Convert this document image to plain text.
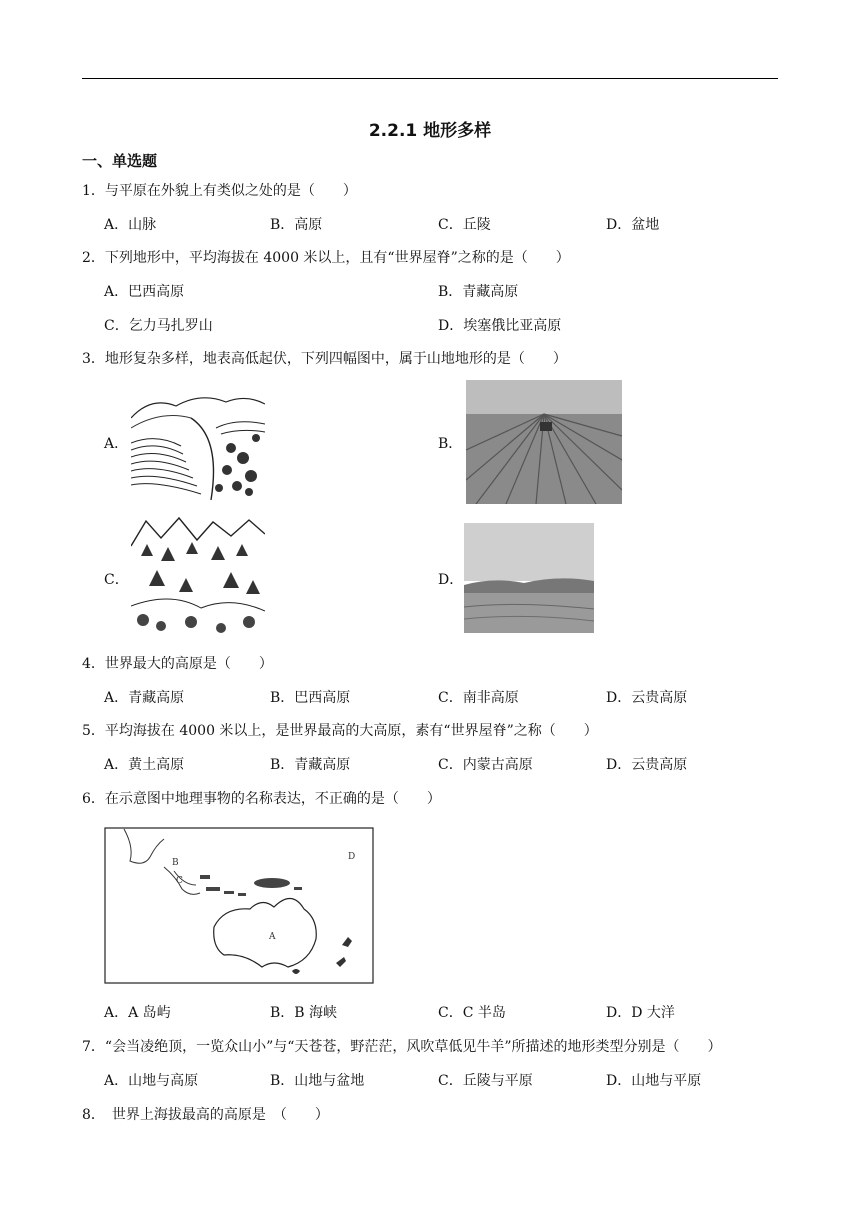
2.2.1 地形多样
一、单选题
1．与平原在外貌上有类似之处的是（　　）
A．山脉	B．高原	C．丘陵	D．盆地
2．下列地形中，平均海拔在 4000 米以上，且有“世界屋脊”之称的是（　　）
A．巴西高原	B．青藏高原
C．乞力马扎罗山	D．埃塞俄比亚高原
3．地形复杂多样，地表高低起伏，下列四幅图中，属于山地地形的是（　　）
A．	B．
C．	D．
4．世界最大的高原是（　　）
A．青藏高原	B．巴西高原	C．南非高原	D．云贵高原
5．平均海拔在 4000 米以上，是世界最高的大高原，素有“世界屋脊”之称（　　）
A．黄土高原	B．青藏高原	C．内蒙古高原	D．云贵高原
6．在示意图中地理事物的名称表达，不正确的是（　　）
A
B
C
D
A．A 岛屿	B．B 海峡	C．C 半岛	D．D 大洋
7．“会当凌绝顶，一览众山小”与“天苍苍，野茫茫，风吹草低见牛羊”所描述的地形类型分别是（　　）
A．山地与高原	B．山地与盆地	C．丘陵与平原	D．山地与平原
8．　世界上海拔最高的高原是　（　　）
